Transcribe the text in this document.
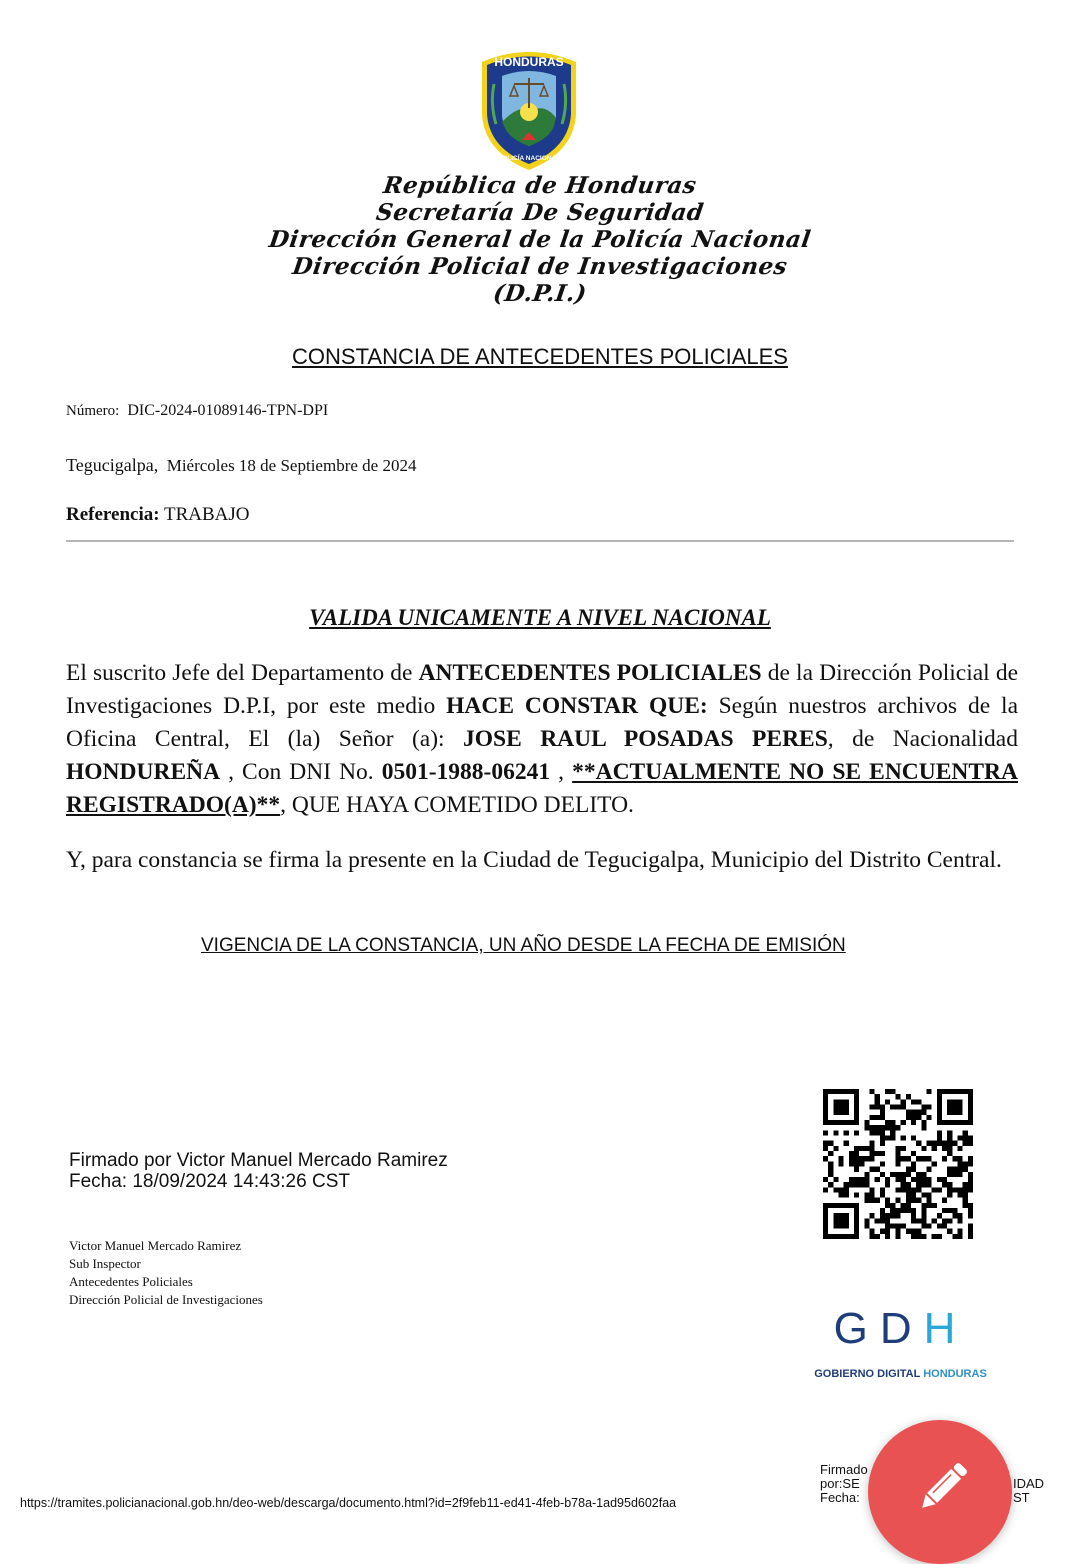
HONDURAS
POLICÍA NACIONAL
República de Honduras
Secretaría De Seguridad
Dirección General de la Policía Nacional
Dirección Policial de Investigaciones
(D.P.I.)
CONSTANCIA DE ANTECEDENTES POLICIALES
Número: DIC-2024-01089146-TPN-DPI
Tegucigalpa, Miércoles 18 de Septiembre de 2024
Referencia: TRABAJO
VALIDA UNICAMENTE A NIVEL NACIONAL
El suscrito Jefe del Departamento de ANTECEDENTES POLICIALES de la Dirección Policial de Investigaciones D.P.I, por este medio HACE CONSTAR QUE: Según nuestros archivos de la Oficina Central, El (la) Señor (a): JOSE RAUL POSADAS PERES, de Nacionalidad HONDUREÑA , Con DNI No. 0501-1988-06241 , **ACTUALMENTE NO SE ENCUENTRA REGISTRADO(A)**, QUE HAYA COMETIDO DELITO.
Y, para constancia se firma la presente en la Ciudad de Tegucigalpa, Municipio del Distrito Central.
VIGENCIA DE LA CONSTANCIA, UN AÑO DESDE LA FECHA DE EMISIÓN
Firmado por Victor Manuel Mercado Ramirez
Fecha: 18/09/2024 14:43:26 CST
Victor Manuel Mercado Ramirez
Sub Inspector
Antecedentes Policiales
Dirección Policial de Investigaciones
GDH
GOBIERNO DIGITAL HONDURAS
Firmado
por:SE
Fecha:
IDAD
ST
https://tramites.policianacional.gob.hn/deo-web/descarga/documento.html?id=2f9feb11-ed41-4feb-b78a-1ad95d602faa
